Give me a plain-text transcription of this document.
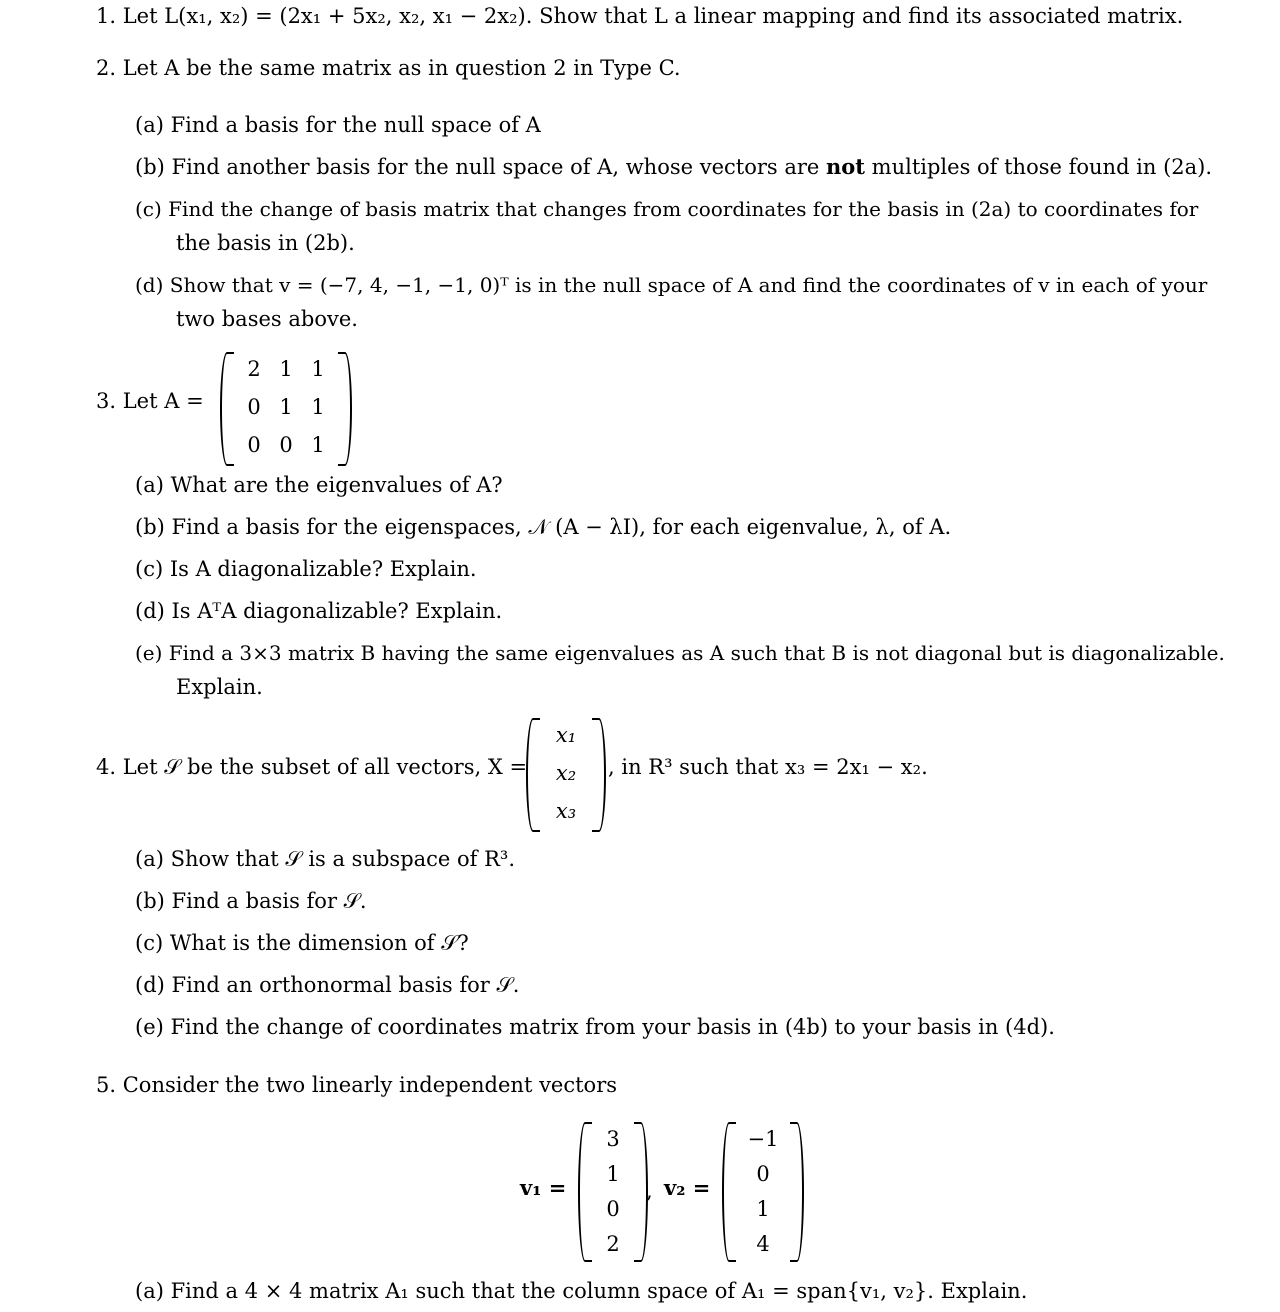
1. Let L(x₁, x₂) = (2x₁ + 5x₂, x₂, x₁ − 2x₂). Show that L a linear mapping and find its associated matrix.
2. Let A be the same matrix as in question 2 in Type C.
(a) Find a basis for the null space of A
(b) Find another basis for the null space of A, whose vectors are not multiples of those found in (2a).
(c) Find the change of basis matrix that changes from coordinates for the basis in (2a) to coordinates for
the basis in (2b).
(d) Show that v = (−7, 4, −1, −1, 0)ᵀ is in the null space of A and find the coordinates of v in each of your
two bases above.
3. Let A =
2 1 1
0 1 1
0 0 1
(a) What are the eigenvalues of A?
(b) Find a basis for the eigenspaces, 𝒩 (A − λI), for each eigenvalue, λ, of A.
(c) Is A diagonalizable? Explain.
(d) Is AᵀA diagonalizable? Explain.
(e) Find a 3×3 matrix B having the same eigenvalues as A such that B is not diagonal but is diagonalizable.
Explain.
4. Let 𝒮 be the subset of all vectors, X =
x₁
x₂
x₃
, in R³ such that x₃ = 2x₁ − x₂.
(a) Show that 𝒮 is a subspace of R³.
(b) Find a basis for 𝒮.
(c) What is the dimension of 𝒮?
(d) Find an orthonormal basis for 𝒮.
(e) Find the change of coordinates matrix from your basis in (4b) to your basis in (4d).
5. Consider the two linearly independent vectors
v₁ =
3
1
0
2
, v₂ =
−1
0
1
4
(a) Find a 4 × 4 matrix A₁ such that the column space of A₁ = span{v₁, v₂}. Explain.
